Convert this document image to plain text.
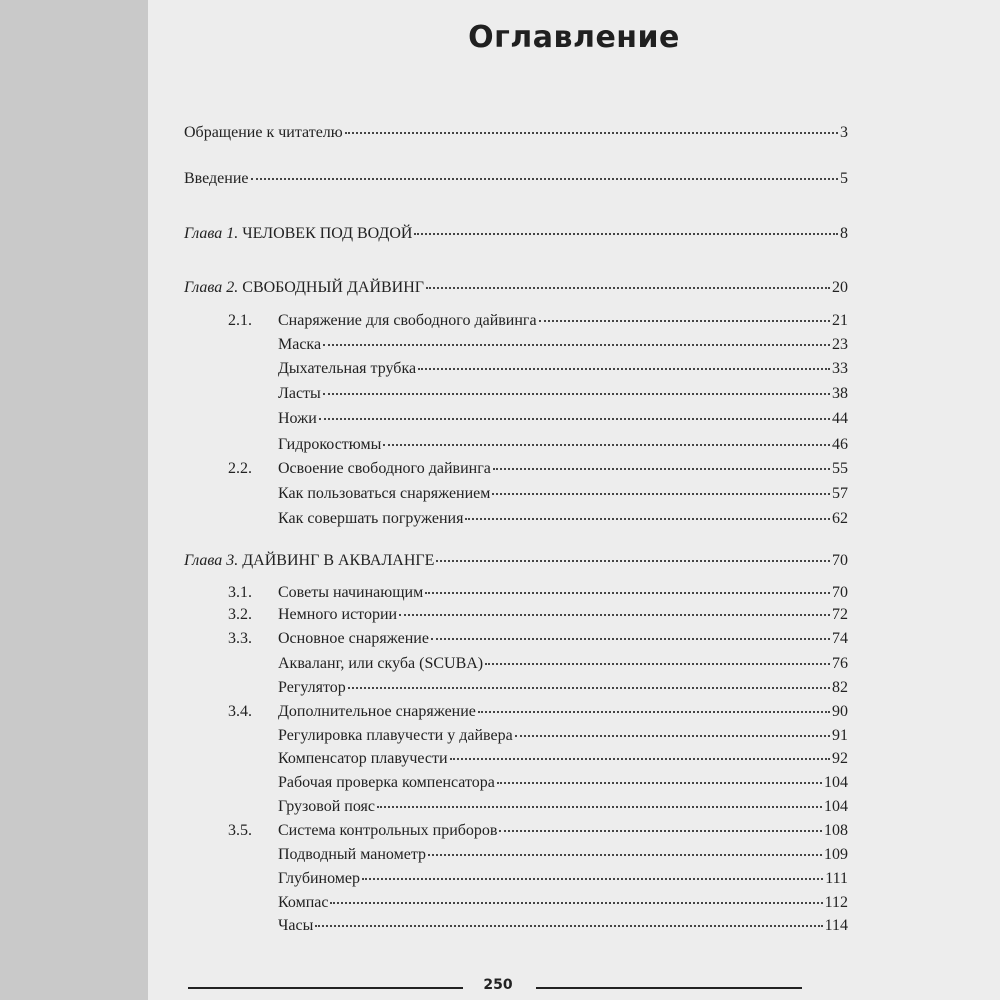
Оглавление
Обращение к читателю	3
Введение	5
Глава 1. ЧЕЛОВЕК ПОД ВОДОЙ	8
Глава 2. СВОБОДНЫЙ ДАЙВИНГ	20
2.1. Снаряжение для свободного дайвинга	21
Маска	23
Дыхательная трубка	33
Ласты	38
Ножи	44
Гидрокостюмы	46
2.2. Освоение свободного дайвинга	55
Как пользоваться снаряжением	57
Как совершать погружения	62
Глава 3. ДАЙВИНГ В АКВАЛАНГЕ	70
3.1. Советы начинающим	70
3.2. Немного истории	72
3.3. Основное снаряжение	74
Акваланг, или скуба (SCUBA)	76
Регулятор	82
3.4. Дополнительное снаряжение	90
Регулировка плавучести у дайвера	91
Компенсатор плавучести	92
Рабочая проверка компенсатора	104
Грузовой пояс	104
3.5. Система контрольных приборов	108
Подводный манометр	109
Глубиномер	111
Компас	112
Часы	114
250
